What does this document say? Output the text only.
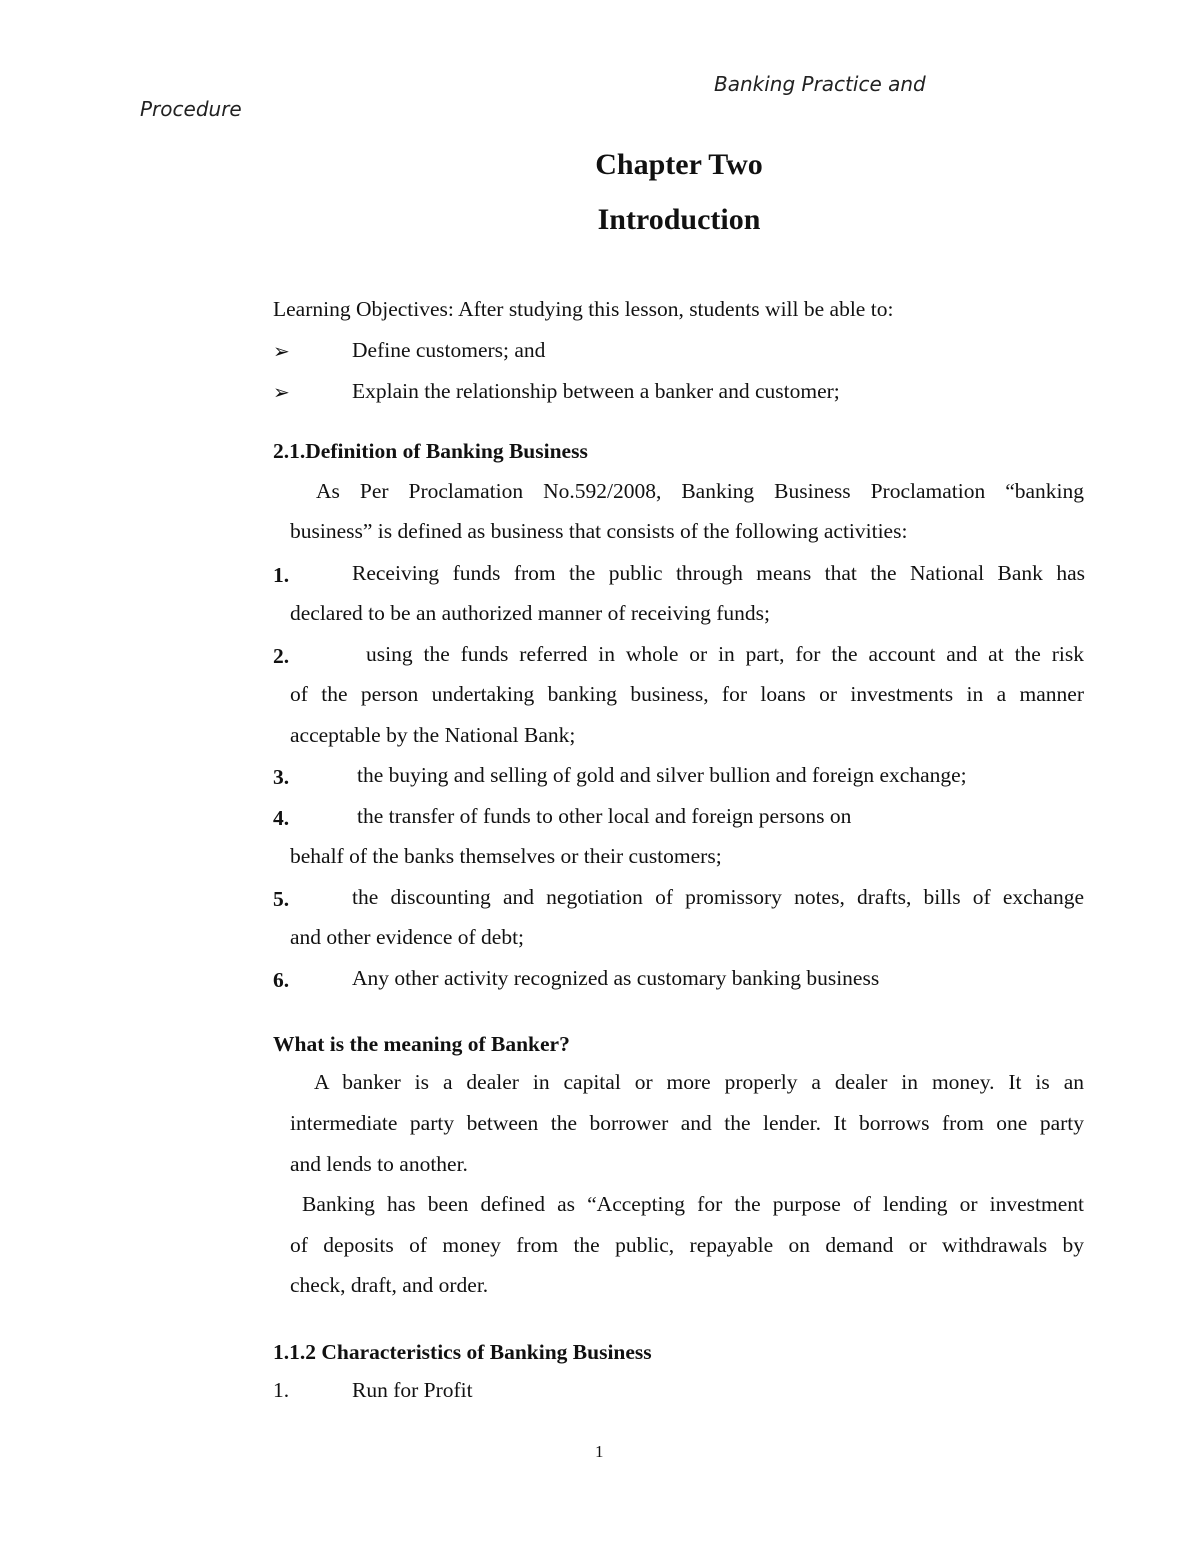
Banking Practice and
Procedure
Chapter Two
Introduction
Learning Objectives: After studying this lesson, students will be able to:
➢	Define customers; and
➢	Explain the relationship between a banker and customer;
2.1.Definition of Banking Business
As Per Proclamation No.592/2008, Banking Business Proclamation “banking
business” is defined as business that consists of the following activities:
1.	Receiving funds from the public through means that the National Bank has
declared to be an authorized manner of receiving funds;
2.	using the funds referred in whole or in part, for the account and at the risk
of the person undertaking banking business, for loans or investments in a manner
acceptable by the National Bank;
3.	the buying and selling of gold and silver bullion and foreign exchange;
4.	the transfer of funds to other local and foreign persons on
behalf of the banks themselves or their customers;
5.	the discounting and negotiation of promissory notes, drafts, bills of exchange
and other evidence of debt;
6.	Any other activity recognized as customary banking business
What is the meaning of Banker?
A banker is a dealer in capital or more properly a dealer in money. It is an
intermediate party between the borrower and the lender. It borrows from one party
and lends to another.
Banking has been defined as “Accepting for the purpose of lending or investment
of deposits of money from the public, repayable on demand or withdrawals by
check, draft, and order.
1.1.2 Characteristics of Banking Business
1.	Run for Profit
1
